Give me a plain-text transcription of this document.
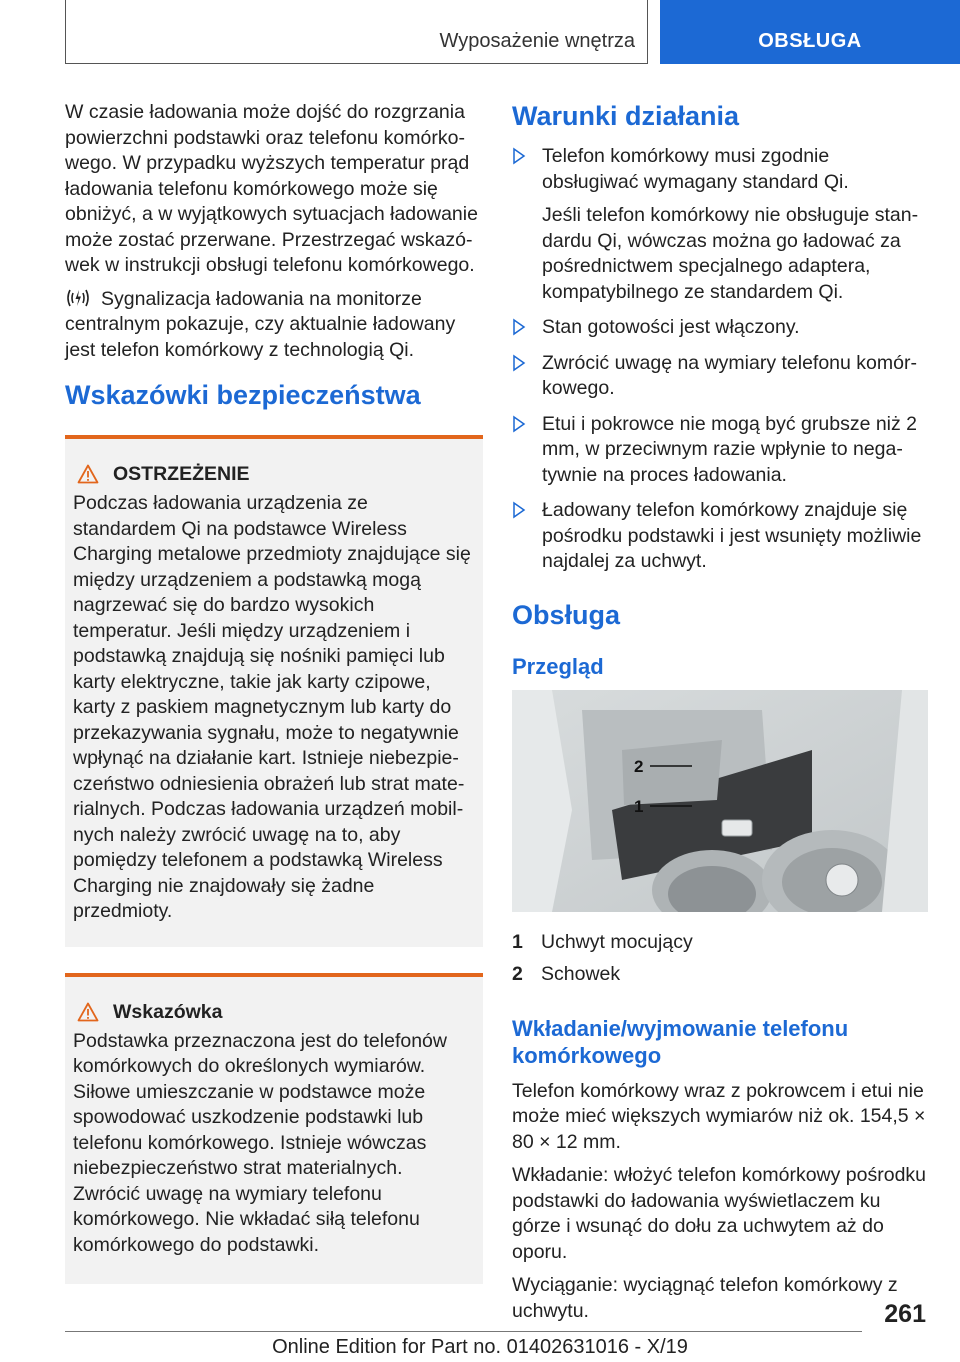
Wyposażenie wnętrza	OBSŁUGA

W czasie ładowania może dojść do rozgrzania powierzchni podstawki oraz telefonu komórkowego. W przypadku wyższych temperatur prąd ładowania telefonu komórkowego może się obniżyć, a w wyjątkowych sytuacjach ładowanie może zostać przerwane. Przestrzegać wskazówek w instrukcji obsługi telefonu komórkowego.

Sygnalizacja ładowania na monitorze centralnym pokazuje, czy aktualnie ładowany jest telefon komórkowy z technologią Qi.

Wskazówki bezpieczeństwa
OSTRZEŻENIE

Podczas ładowania urządzenia ze standardem Qi na podstawce Wireless Charging metalowe przedmioty znajdujące się między urządzeniem a podstawką mogą nagrzewać się do bardzo wysokich temperatur. Jeśli między urządzeniem i podstawką znajdują się nośniki pamięci lub karty elektryczne, takie jak karty czipowe, karty z paskiem magnetycznym lub karty do przekazywania sygnału, może to negatywnie wpłynąć na działanie kart. Istnieje niebezpieczeństwo odniesienia obrażeń lub strat materialnych. Podczas ładowania urządzeń mobilnych należy zwrócić uwagę na to, aby pomiędzy telefonem a podstawką Wireless Charging nie znajdowały się żadne przedmioty.

Wskazówka

Podstawka przeznaczona jest do telefonów komórkowych do określonych wymiarów. Siłowe umieszczanie w podstawce może spowodować uszkodzenie podstawki lub telefonu komórkowego. Istnieje wówczas niebezpieczeństwo strat materialnych. Zwrócić uwagę na wymiary telefonu komórkowego. Nie wkładać siłą telefonu komórkowego do podstawki.

Warunki działania
Telefon komórkowy musi zgodnie obsługiwać wymagany standard Qi.
Jeśli telefon komórkowy nie obsługuje standardu Qi, wówczas można go ładować za pośrednictwem specjalnego adaptera, kompatybilnego ze standardem Qi.
Stan gotowości jest włączony.
Zwrócić uwagę na wymiary telefonu komórkowego.
Etui i pokrowce nie mogą być grubsze niż 2 mm, w przeciwnym razie wpłynie to negatywnie na proces ładowania.
Ładowany telefon komórkowy znajduje się pośrodku podstawki i jest wsunięty możliwie najdalej za uchwyt.
Obsługa
Przegląd
2
1
1 Uchwyt mocujący
2 Schowek
Wkładanie/wyjmowanie telefonu komórkowego

Telefon komórkowy wraz z pokrowcem i etui nie może mieć większych wymiarów niż ok. 154,5 × 80 × 12 mm.

Wkładanie: włożyć telefon komórkowy pośrodku podstawki do ładowania wyświetlaczem ku górze i wsunąć do dołu za uchwytem aż do oporu.

Wyciąganie: wyciągnąć telefon komórkowy z uchwytu.	261
Online Edition for Part no. 01402631016 - X/19
